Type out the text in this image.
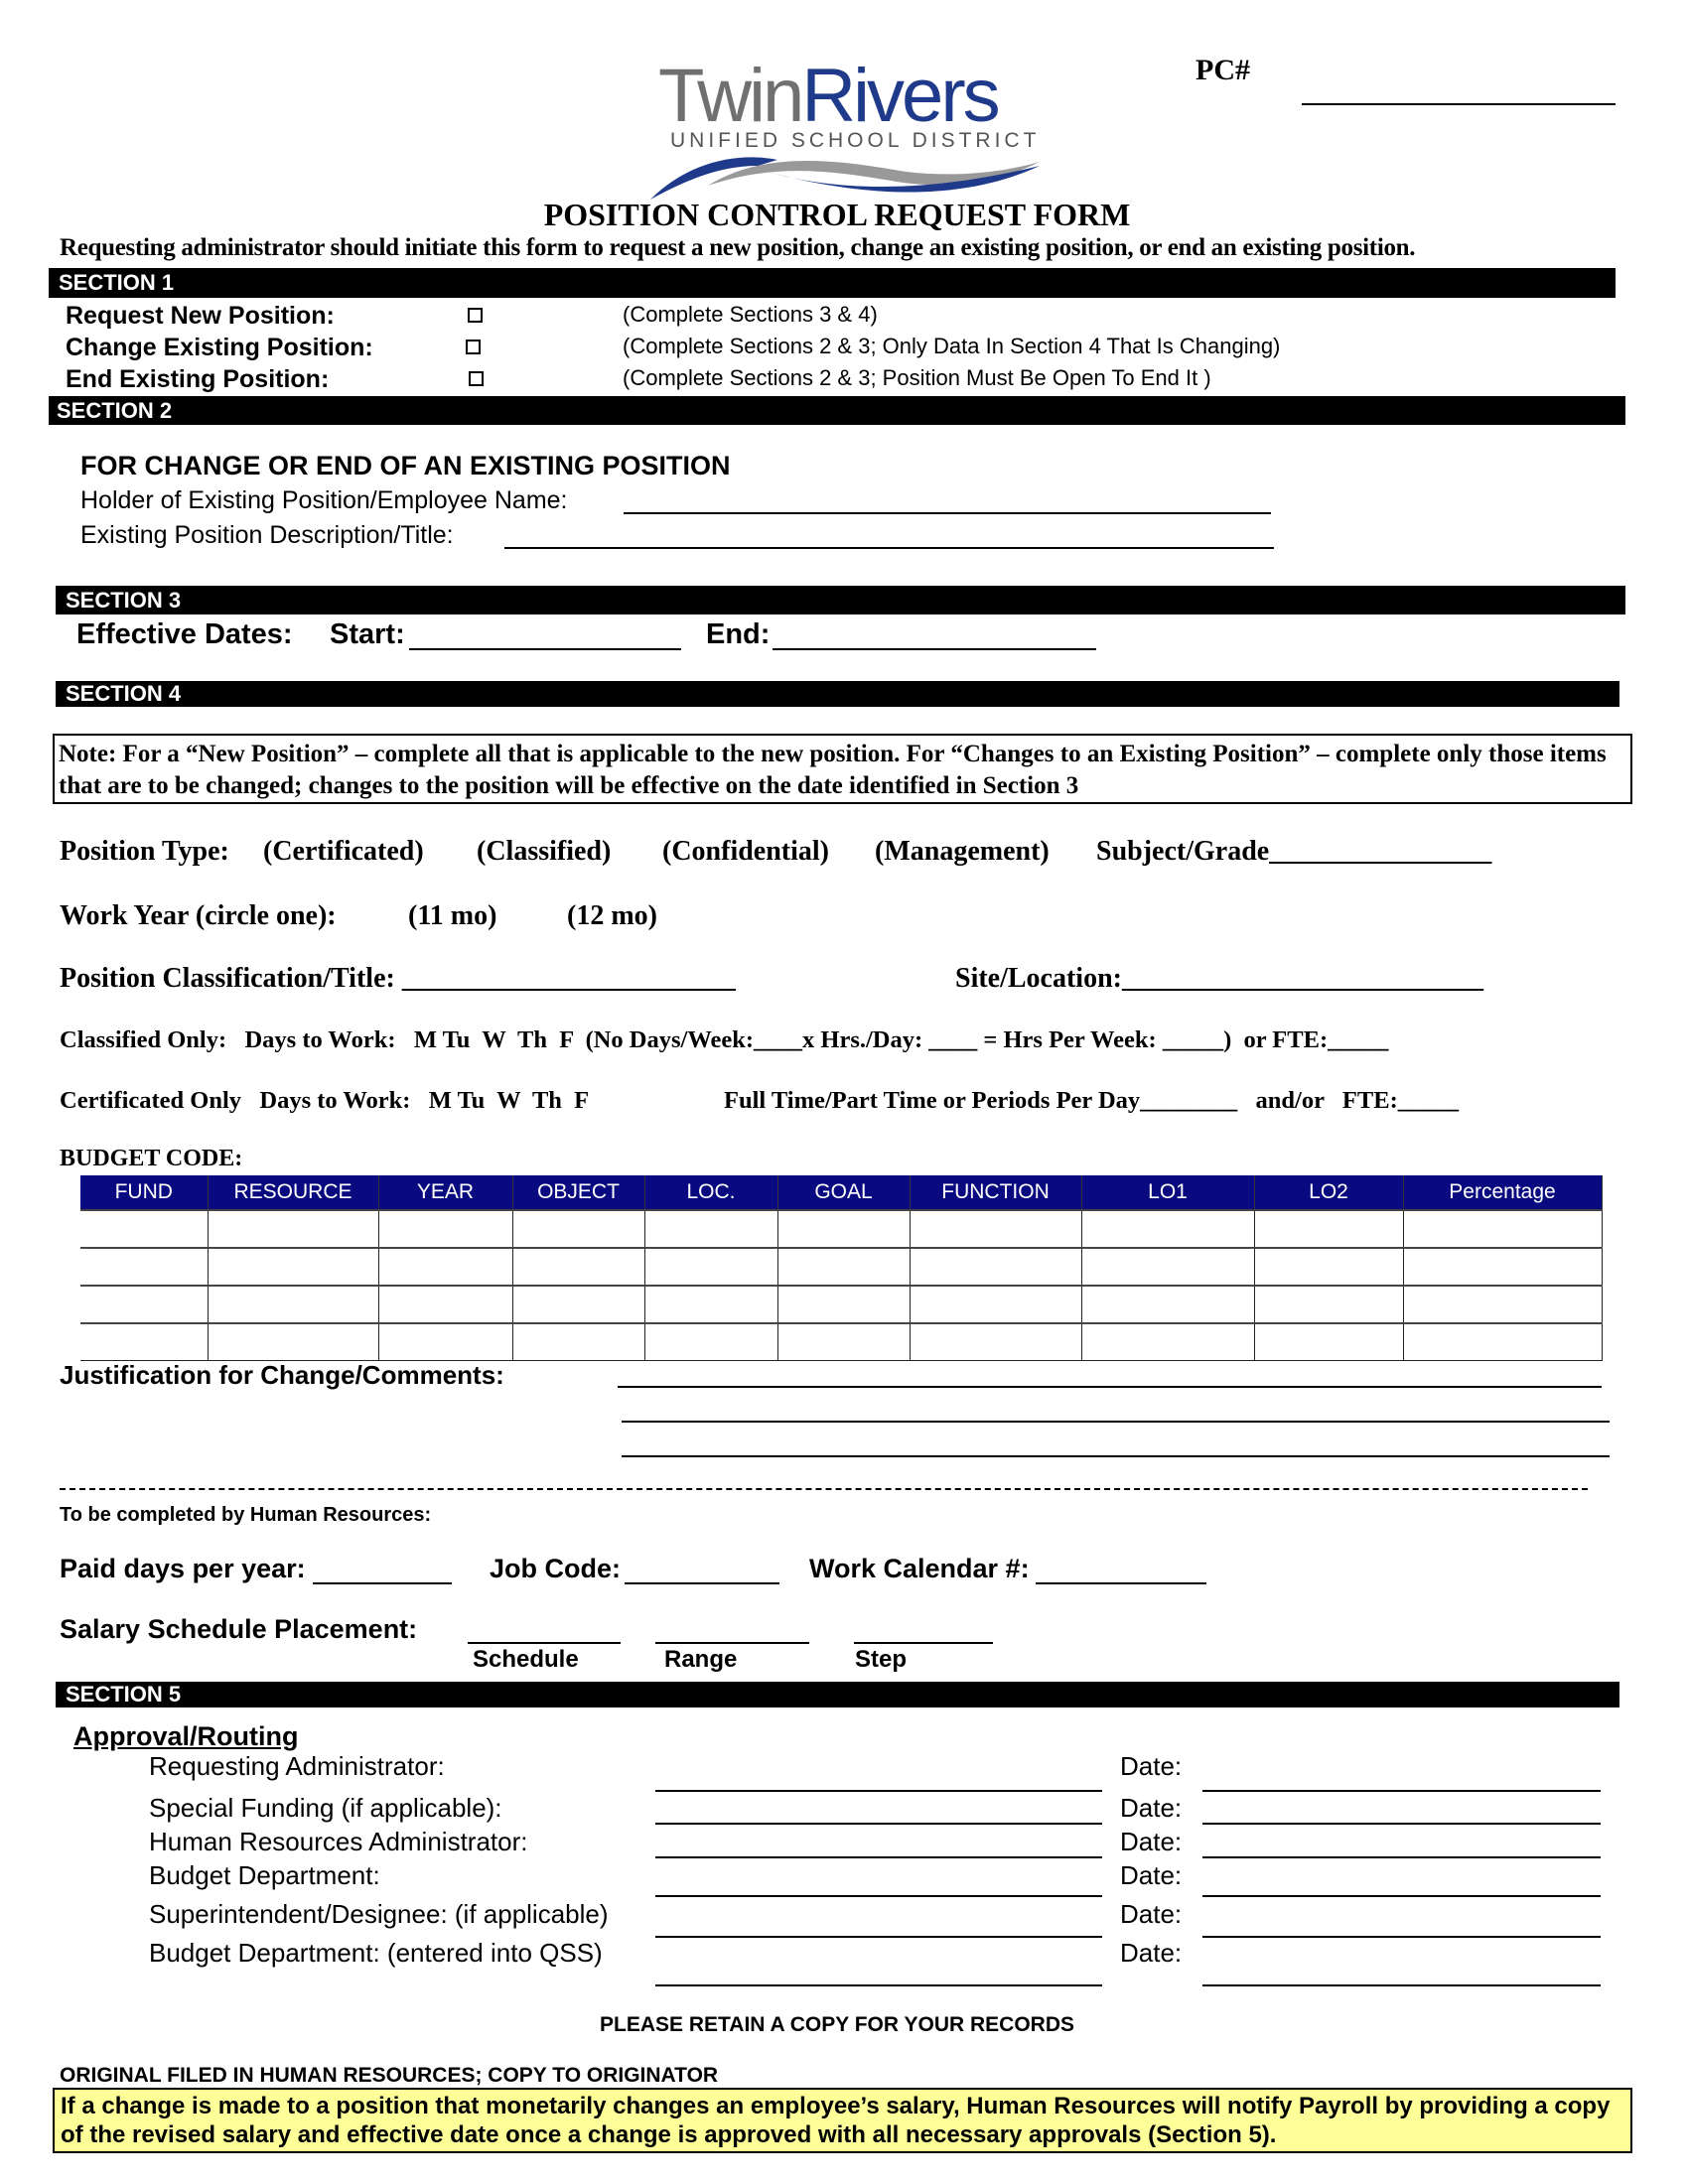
TwinRivers
UNIFIED SCHOOL DISTRICT
PC#
POSITION CONTROL REQUEST FORM
Requesting administrator should initiate this form to request a new position, change an existing position, or end an existing position.
SECTION 1
Request New Position:	(Complete Sections 3 & 4)
Change Existing Position:	(Complete Sections 2 & 3; Only Data In Section 4 That Is Changing)
End Existing Position:	(Complete Sections 2 & 3; Position Must Be Open To End It )
SECTION 2
FOR CHANGE OR END OF AN EXISTING POSITION
Holder of Existing Position/Employee Name:
Existing Position Description/Title:
SECTION 3
Effective Dates: Start:	End:
SECTION 4
Note: For a “New Position” – complete all that is applicable to the new position. For “Changes to an Existing Position” – complete only those items that are to be changed; changes to the position will be effective on the date identified in Section 3
Position Type: (Certificated) (Classified) (Confidential) (Management) Subject/Grade________________
Work Year (circle one):	(11 mo)	(12 mo)
Position Classification/Title: ________________________	Site/Location:__________________________
Classified Only:   Days to Work:   M Tu  W  Th  F  (No Days/Week:____x Hrs./Day: ____ = Hrs Per Week: _____)  or FTE:_____
Certificated Only   Days to Work:   M Tu  W  Th  F	Full Time/Part Time or Periods Per Day________   and/or   FTE:_____
BUDGET CODE:
FUND	RESOURCE	YEAR	OBJECT	LOC.	GOAL	FUNCTION	LO1	LO2	Percentage

Justification for Change/Comments:
To be completed by Human Resources:
Paid days per year:	Job Code:	Work Calendar #:
Salary Schedule Placement:
Schedule	Range	Step
SECTION 5
Approval/Routing
Requesting Administrator:	Date:
Special Funding (if applicable):	Date:
Human Resources Administrator:	Date:
Budget Department:	Date:
Superintendent/Designee: (if applicable)	Date:
Budget Department: (entered into QSS)	Date:
PLEASE RETAIN A COPY FOR YOUR RECORDS
ORIGINAL FILED IN HUMAN RESOURCES; COPY TO ORIGINATOR
If a change is made to a position that monetarily changes an employee’s salary, Human Resources will notify Payroll by providing a copy of the revised salary and effective date once a change is approved with all necessary approvals (Section 5).
